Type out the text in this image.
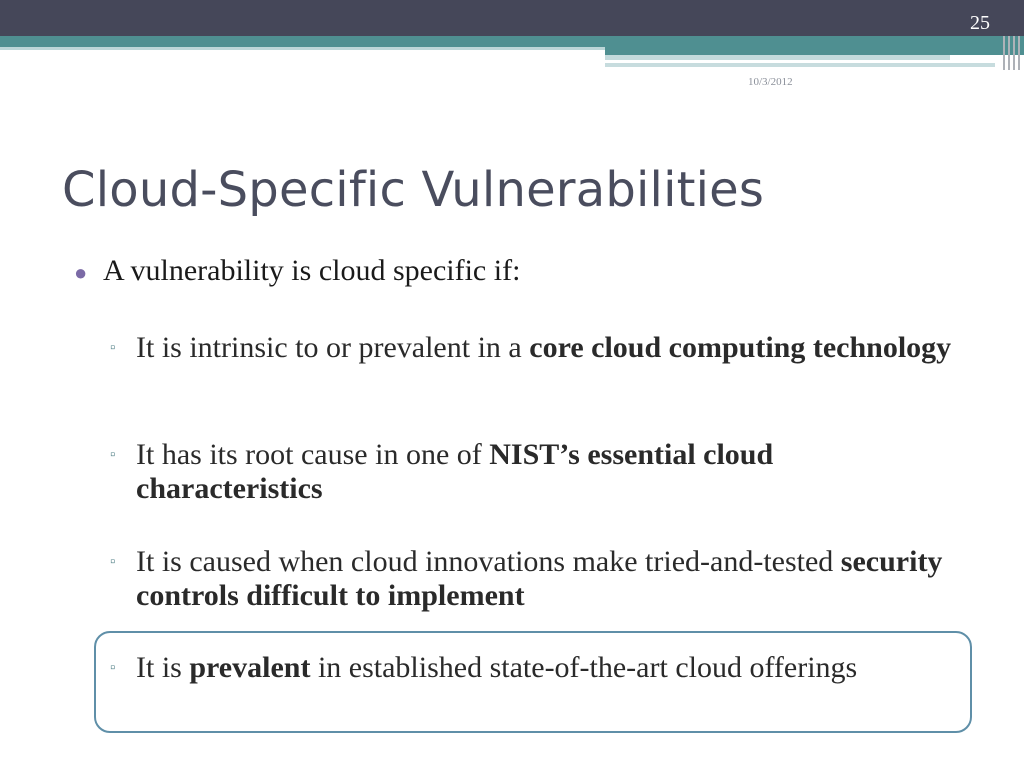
25
10/3/2012
Cloud-Specific Vulnerabilities
● A vulnerability is cloud specific if:
▫ It is intrinsic to or prevalent in a core cloud computing technology
▫ It has its root cause in one of NIST’s essential cloud characteristics
▫ It is caused when cloud innovations make tried-and-tested security controls difficult to implement
▫ It is prevalent in established state-of-the-art cloud offerings
